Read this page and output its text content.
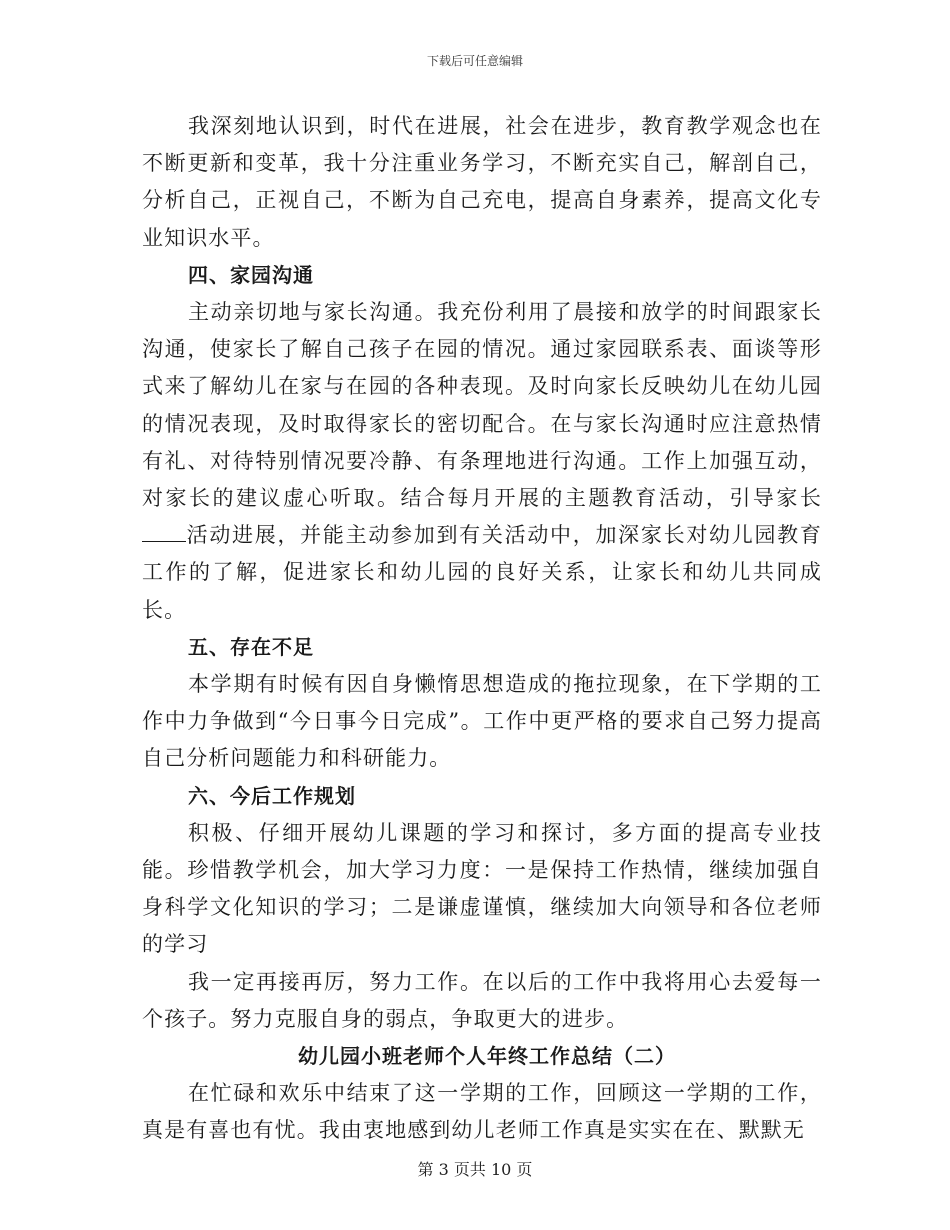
下载后可任意编辑

我深刻地认识到，时代在进展，社会在进步，教育教学观念也在不断更新和变革，我十分注重业务学习，不断充实自己，解剖自己，分析自己，正视自己，不断为自己充电，提高自身素养，提高文化专业知识水平。

四、家园沟通

主动亲切地与家长沟通。我充份利用了晨接和放学的时间跟家长沟通，使家长了解自己孩子在园的情况。通过家园联系表、面谈等形式来了解幼儿在家与在园的各种表现。及时向家长反映幼儿在幼儿园的情况表现，及时取得家长的密切配合。在与家长沟通时应注意热情有礼、对待特别情况要冷静、有条理地进行沟通。工作上加强互动，对家长的建议虚心听取。结合每月开展的主题教育活动，引导家长活动进展，并能主动参加到有关活动中，加深家长对幼儿园教育工作的了解，促进家长和幼儿园的良好关系，让家长和幼儿共同成长。

五、存在不足

本学期有时候有因自身懒惰思想造成的拖拉现象，在下学期的工作中力争做到“今日事今日完成”。工作中更严格的要求自己努力提高自己分析问题能力和科研能力。

六、今后工作规划

积极、仔细开展幼儿课题的学习和探讨，多方面的提高专业技能。珍惜教学机会，加大学习力度：一是保持工作热情，继续加强自身科学文化知识的学习；二是谦虚谨慎，继续加大向领导和各位老师的学习

我一定再接再厉，努力工作。在以后的工作中我将用心去爱每一个孩子。努力克服自身的弱点，争取更大的进步。

幼儿园小班老师个人年终工作总结（二）

在忙碌和欢乐中结束了这一学期的工作，回顾这一学期的工作，真是有喜也有忧。我由衷地感到幼儿老师工作真是实实在在、默默无

第 3 页共 10 页
